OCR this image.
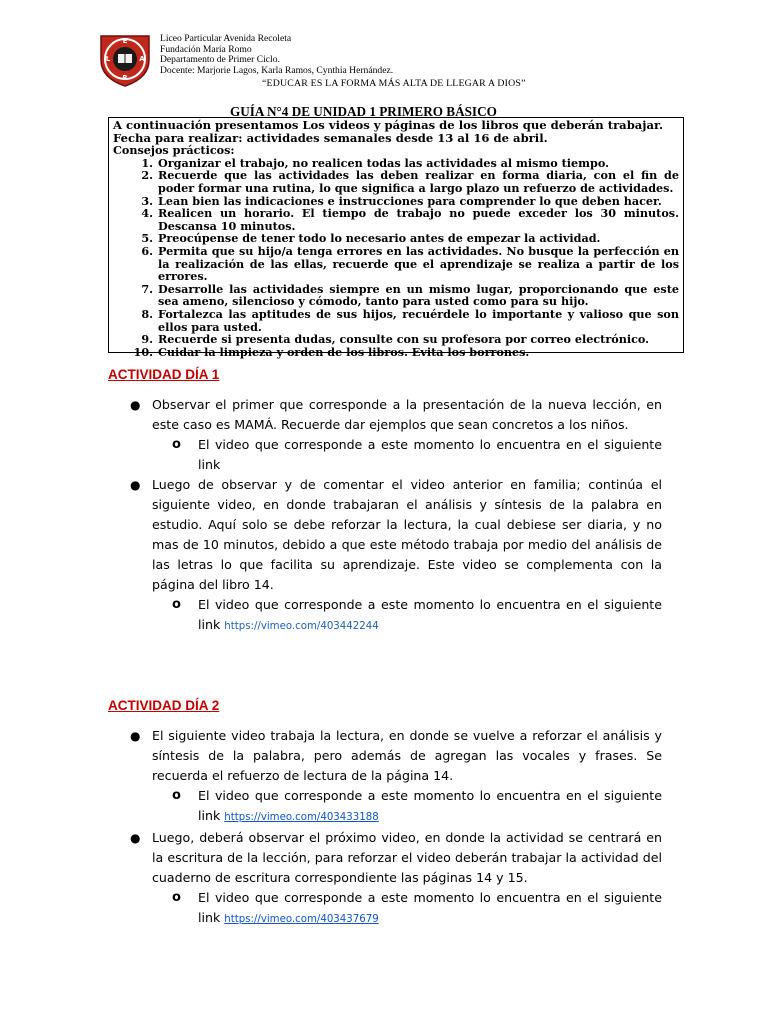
E
L	A
R
Liceo Particular Avenida Recoleta
Fundación María Romo
Departamento de Primer Ciclo.
Docente: Marjorie Lagos, Karla Ramos, Cynthia Hernández.
“EDUCAR ES LA FORMA MÁS ALTA DE LLEGAR A DIOS”
GUÍA N°4 DE UNIDAD 1 PRIMERO BÁSICO
A continuación presentamos Los videos y páginas de los libros que deberán trabajar.
Fecha para realizar: actividades semanales desde 13 al 16 de abril.
Consejos prácticos:
1. Organizar el trabajo, no realicen todas las actividades al mismo tiempo.
2. Recuerde que las actividades las deben realizar en forma diaria, con el fin de poder formar una rutina, lo que significa a largo plazo un refuerzo de actividades.
3. Lean bien las indicaciones e instrucciones para comprender lo que deben hacer.
4. Realicen un horario. El tiempo de trabajo no puede exceder los 30 minutos. Descansa 10 minutos.
5. Preocúpense de tener todo lo necesario antes de empezar la actividad.
6. Permita que su hijo/a tenga errores en las actividades. No busque la perfección en la realización de las ellas, recuerde que el aprendizaje se realiza a partir de los errores.
7. Desarrolle las actividades siempre en un mismo lugar, proporcionando que este sea ameno, silencioso y cómodo, tanto para usted como para su hijo.
8. Fortalezca las aptitudes de sus hijos, recuérdele lo importante y valioso que son ellos para usted.
9. Recuerde si presenta dudas, consulte con su profesora por correo electrónico.
10. Cuidar la limpieza y orden de los libros. Evita los borrones.
ACTIVIDAD DÍA 1
● Observar el primer que corresponde a la presentación de la nueva lección, en este caso es MAMÁ. Recuerde dar ejemplos que sean concretos a los niños.
o El video que corresponde a este momento lo encuentra en el siguiente link
● Luego de observar y de comentar el video anterior en familia; continúa el siguiente video, en donde trabajaran el análisis y síntesis de la palabra en estudio. Aquí solo se debe reforzar la lectura, la cual debiese ser diaria, y no mas de 10 minutos, debido a que este método trabaja por medio del análisis de las letras lo que facilita su aprendizaje. Este video se complementa con la página del libro 14.
o El video que corresponde a este momento lo encuentra en el siguiente link https://vimeo.com/403442244
ACTIVIDAD DÍA 2
● El siguiente video trabaja la lectura, en donde se vuelve a reforzar el análisis y síntesis de la palabra, pero además de agregan las vocales y frases. Se recuerda el refuerzo de lectura de la página 14.
o El video que corresponde a este momento lo encuentra en el siguiente link https://vimeo.com/403433188
● Luego, deberá observar el próximo video, en donde la actividad se centrará en la escritura de la lección, para reforzar el video deberán trabajar la actividad del cuaderno de escritura correspondiente las páginas 14 y 15.
o El video que corresponde a este momento lo encuentra en el siguiente link https://vimeo.com/403437679
